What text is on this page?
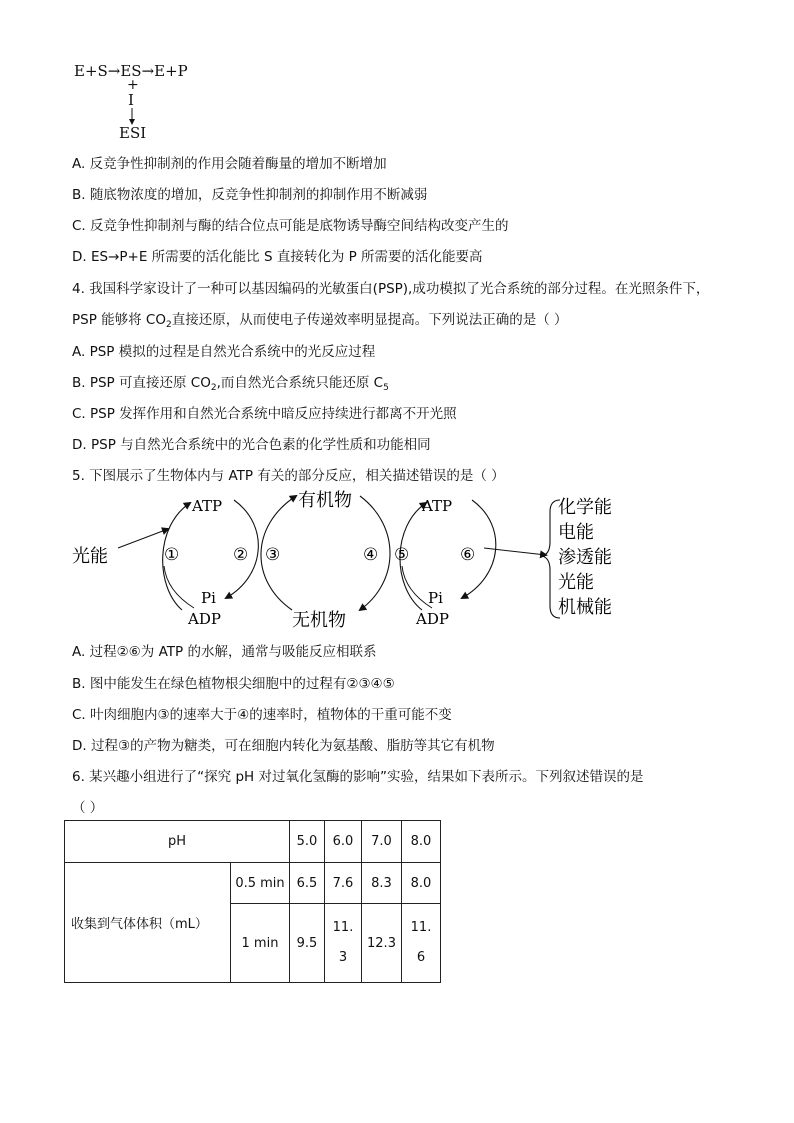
E+S→ES→E+P
+
I
ESI
A. 反竞争性抑制剂的作用会随着酶量的增加不断增加
B. 随底物浓度的增加，反竞争性抑制剂的抑制作用不断减弱
C. 反竞争性抑制剂与酶的结合位点可能是底物诱导酶空间结构改变产生的
D. ES→P+E 所需要的活化能比 S 直接转化为 P 所需要的活化能要高
4. 我国科学家设计了一种可以基因编码的光敏蛋白(PSP),成功模拟了光合系统的部分过程。在光照条件下，
PSP 能够将 $CO_2$直接还原，从而使电子传递效率明显提高。下列说法正确的是（ ）
A. PSP 模拟的过程是自然光合系统中的光反应过程
B. PSP 可直接还原 $CO_2$,而自然光合系统只能还原 $C_5$
C. PSP 发挥作用和自然光合系统中暗反应持续进行都离不开光照
D. PSP 与自然光合系统中的光合色素的化学性质和功能相同
5. 下图展示了生物体内与 ATP 有关的部分反应，相关描述错误的是（ ）
光能
ATP
①	②
Pi
ADP
③
有机物
无机物
④ ⑤
ATP
⑥
Pi
ADP
化学能
电能
渗透能
光能
机械能
A. 过程②⑥为 ATP 的水解，通常与吸能反应相联系
B. 图中能发生在绿色植物根尖细胞中的过程有②③④⑤
C. 叶肉细胞内③的速率大于④的速率时，植物体的干重可能不变
D. 过程③的产物为糖类，可在细胞内转化为氨基酸、脂肪等其它有机物
6. 某兴趣小组进行了“探究 pH 对过氧化氢酶的影响”实验，结果如下表所示。下列叙述错误的是
（ ）
pH		5.0	6.0	7.0	8.0
收集到气体体积（mL）	0.5 min	6.5	7.6	8.3	8.0
	1 min	9.5	11.3	12.3	11.6
